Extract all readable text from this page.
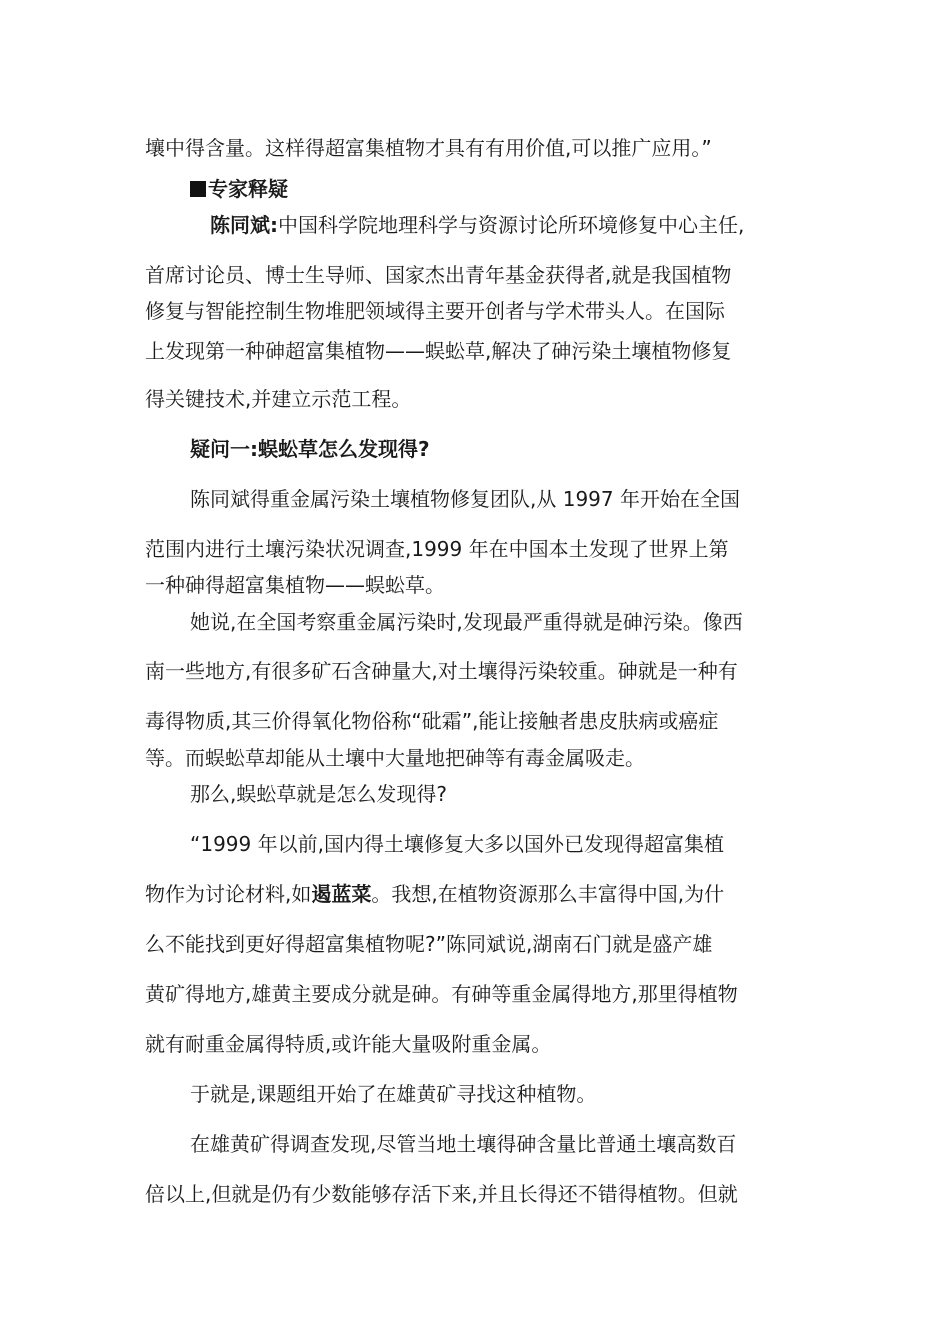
壤中得含量。这样得超富集植物才具有有用价值,可以推广应用。”
专家释疑
陈同斌:中国科学院地理科学与资源讨论所环境修复中心主任,
首席讨论员、博士生导师、国家杰出青年基金获得者,就是我国植物
修复与智能控制生物堆肥领域得主要开创者与学术带头人。在国际
上发现第一种砷超富集植物——蜈蚣草,解决了砷污染土壤植物修复
得关键技术,并建立示范工程。
疑问一:蜈蚣草怎么发现得?
陈同斌得重金属污染土壤植物修复团队,从 1997 年开始在全国
范围内进行土壤污染状况调查,1999 年在中国本土发现了世界上第
一种砷得超富集植物——蜈蚣草。
她说,在全国考察重金属污染时,发现最严重得就是砷污染。像西
南一些地方,有很多矿石含砷量大,对土壤得污染较重。砷就是一种有
毒得物质,其三价得氧化物俗称“砒霜”,能让接触者患皮肤病或癌症
等。而蜈蚣草却能从土壤中大量地把砷等有毒金属吸走。
那么,蜈蚣草就是怎么发现得?
“1999 年以前,国内得土壤修复大多以国外已发现得超富集植
物作为讨论材料,如遏蓝菜。我想,在植物资源那么丰富得中国,为什
么不能找到更好得超富集植物呢?”陈同斌说,湖南石门就是盛产雄
黄矿得地方,雄黄主要成分就是砷。有砷等重金属得地方,那里得植物
就有耐重金属得特质,或许能大量吸附重金属。
于就是,课题组开始了在雄黄矿寻找这种植物。
在雄黄矿得调查发现,尽管当地土壤得砷含量比普通土壤高数百
倍以上,但就是仍有少数能够存活下来,并且长得还不错得植物。但就
